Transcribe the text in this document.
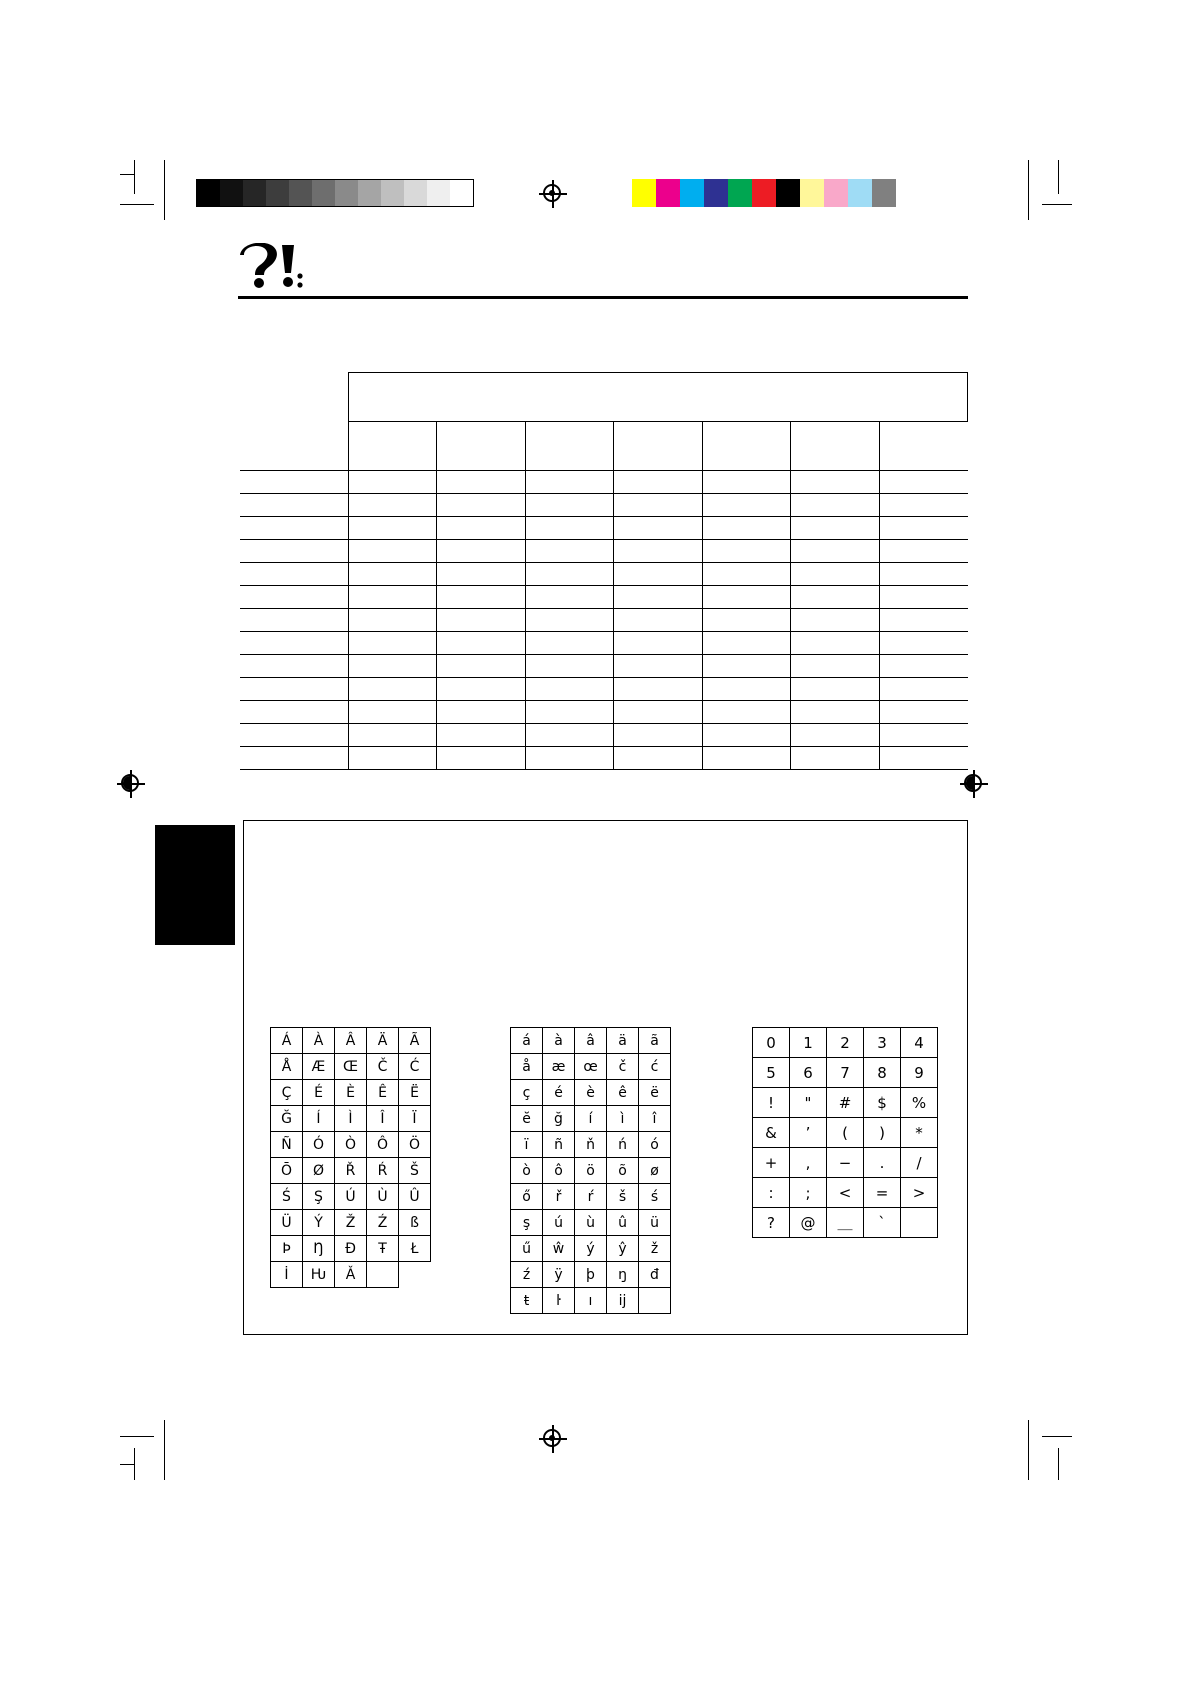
Á	À	Â	Ä	Ã
Å	Æ	Œ	Č	Ć
Ç	É	È	Ê	Ë
Ğ	Í	Ì	Î	Ï
Ñ	Ó	Ò	Ô	Ö
Ō	Ø	Ř	Ŕ	Š
Ś	Ş	Ú	Ù	Û
Ü	Ý	Ž	Ź	ß
Þ	Ŋ	Đ	Ŧ	Ł
İ	Ƕ	Ǎ		
á	à	â	ä	ã
å	æ	œ	č	ć
ç	é	è	ê	ë
ĕ	ğ	í	ì	î
ï	ñ	ň	ń	ó
ò	ô	ö	õ	ø
ő	ř	ŕ	š	ś
ş	ú	ù	û	ü
ű	ŵ	ý	ŷ	ž
ź	ÿ	þ	ŋ	đ
ŧ	ŀ	ı	ij	
0	1	2	3	4
5	6	7	8	9
!	"	#	$	%
&	’	(	)	*
+	,	−	.	/
:	;	<	=	>
?	@	＿	`	
